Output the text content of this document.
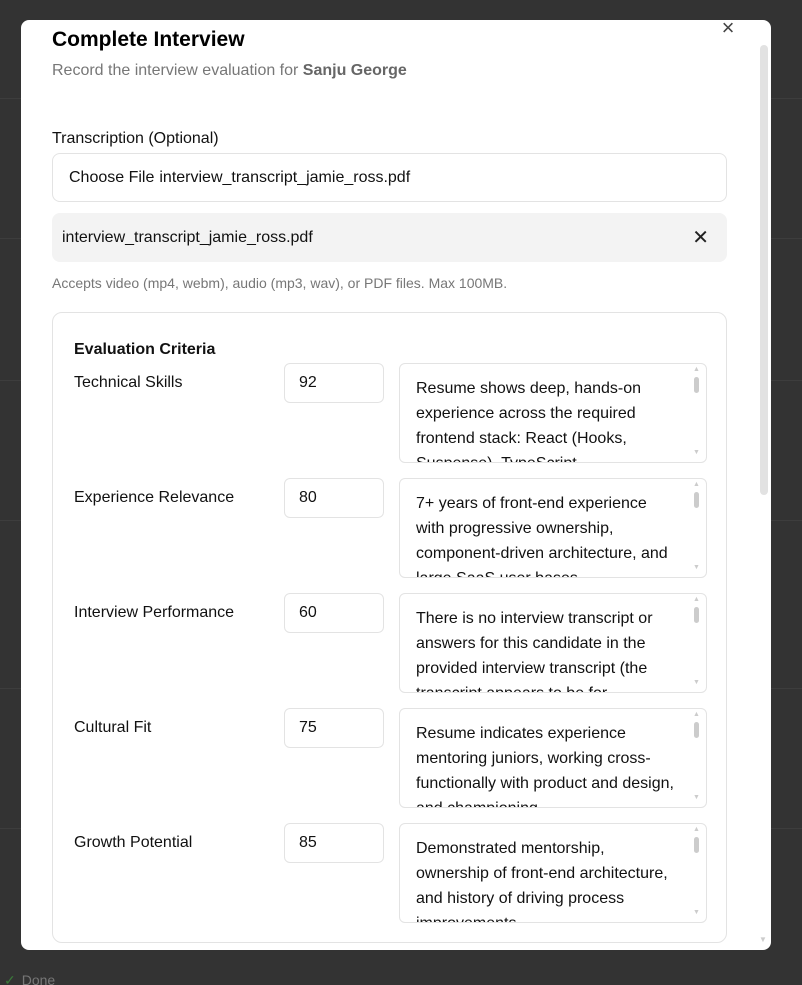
✓ Done
×
Complete Interview
Record the interview evaluation for Sanju George
Transcription (Optional)
Choose File interview_transcript_jamie_ross.pdf
interview_transcript_jamie_ross.pdf	✕
Accepts video (mp4, webm), audio (mp3, wav), or PDF files. Max 100MB.
Evaluation Criteria
Technical Skills
92
Resume shows deep, hands-on experience across the required frontend stack: React (Hooks, Suspense), TypeScript
▲
▼
Experience Relevance
80
7+ years of front-end experience with progressive ownership, component-driven architecture, and large SaaS user bases.
▲
▼
Interview Performance
60
There is no interview transcript or answers for this candidate in the provided interview transcript (the transcript appears to be for
▲
▼
Cultural Fit
75
Resume indicates experience mentoring juniors, working cross-functionally with product and design, and championing
▲
▼
Growth Potential
85
Demonstrated mentorship, ownership of front-end architecture, and history of driving process improvements
▲
▼
▼
